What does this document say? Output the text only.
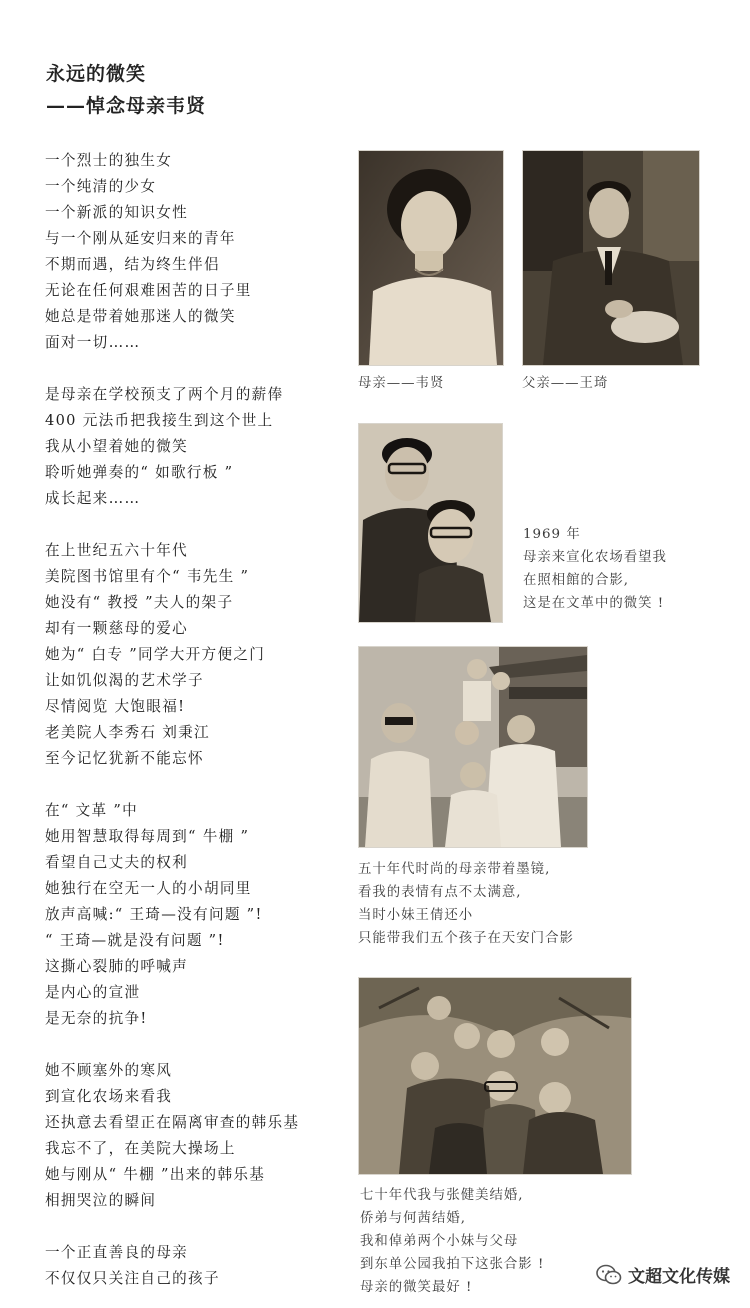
永远的微笑
——悼念母亲韦贤
一个烈士的独生女
一个纯清的少女
一个新派的知识女性
与一个刚从延安归来的青年
不期而遇，结为终生伴侣
无论在任何艰难困苦的日子里
她总是带着她那迷人的微笑
面对一切……
是母亲在学校预支了两个月的薪俸
400 元法币把我接生到这个世上
我从小望着她的微笑
聆听她弹奏的“ 如歌行板 ”
成长起来……
在上世纪五六十年代
美院图书馆里有个“ 韦先生 ”
她没有“ 教授 ”夫人的架子
却有一颗慈母的爱心
她为“ 白专 ”同学大开方便之门
让如饥似渴的艺术学子
尽情阅览 大饱眼福!
老美院人李秀石 刘秉江
至今记忆犹新不能忘怀
在“ 文革 ”中
她用智慧取得每周到“ 牛棚 ”
看望自己丈夫的权利
她独行在空无一人的小胡同里
放声高喊:“ 王琦—没有问题 ”!
“ 王琦—就是没有问题 ”!
这撕心裂肺的呼喊声
是内心的宣泄
是无奈的抗争!
她不顾塞外的寒风
到宣化农场来看我
还执意去看望正在隔离审查的韩乐基
我忘不了，在美院大操场上
她与刚从“ 牛棚 ”出来的韩乐基
相拥哭泣的瞬间
一个正直善良的母亲
不仅仅只关注自己的孩子
母亲——韦贤	父亲——王琦
1969 年
母亲来宣化农场看望我
在照相館的合影,
这是在文革中的微笑 !
五十年代时尚的母亲带着墨镜,
看我的表情有点不太满意,
当时小妹王倩还小
只能带我们五个孩子在天安门合影
七十年代我与张健美结婚,
侨弟与何茜结婚,
我和倬弟两个小妹与父母
到东单公园我拍下这张合影 !
母亲的微笑最好 !
文超文化传媒
